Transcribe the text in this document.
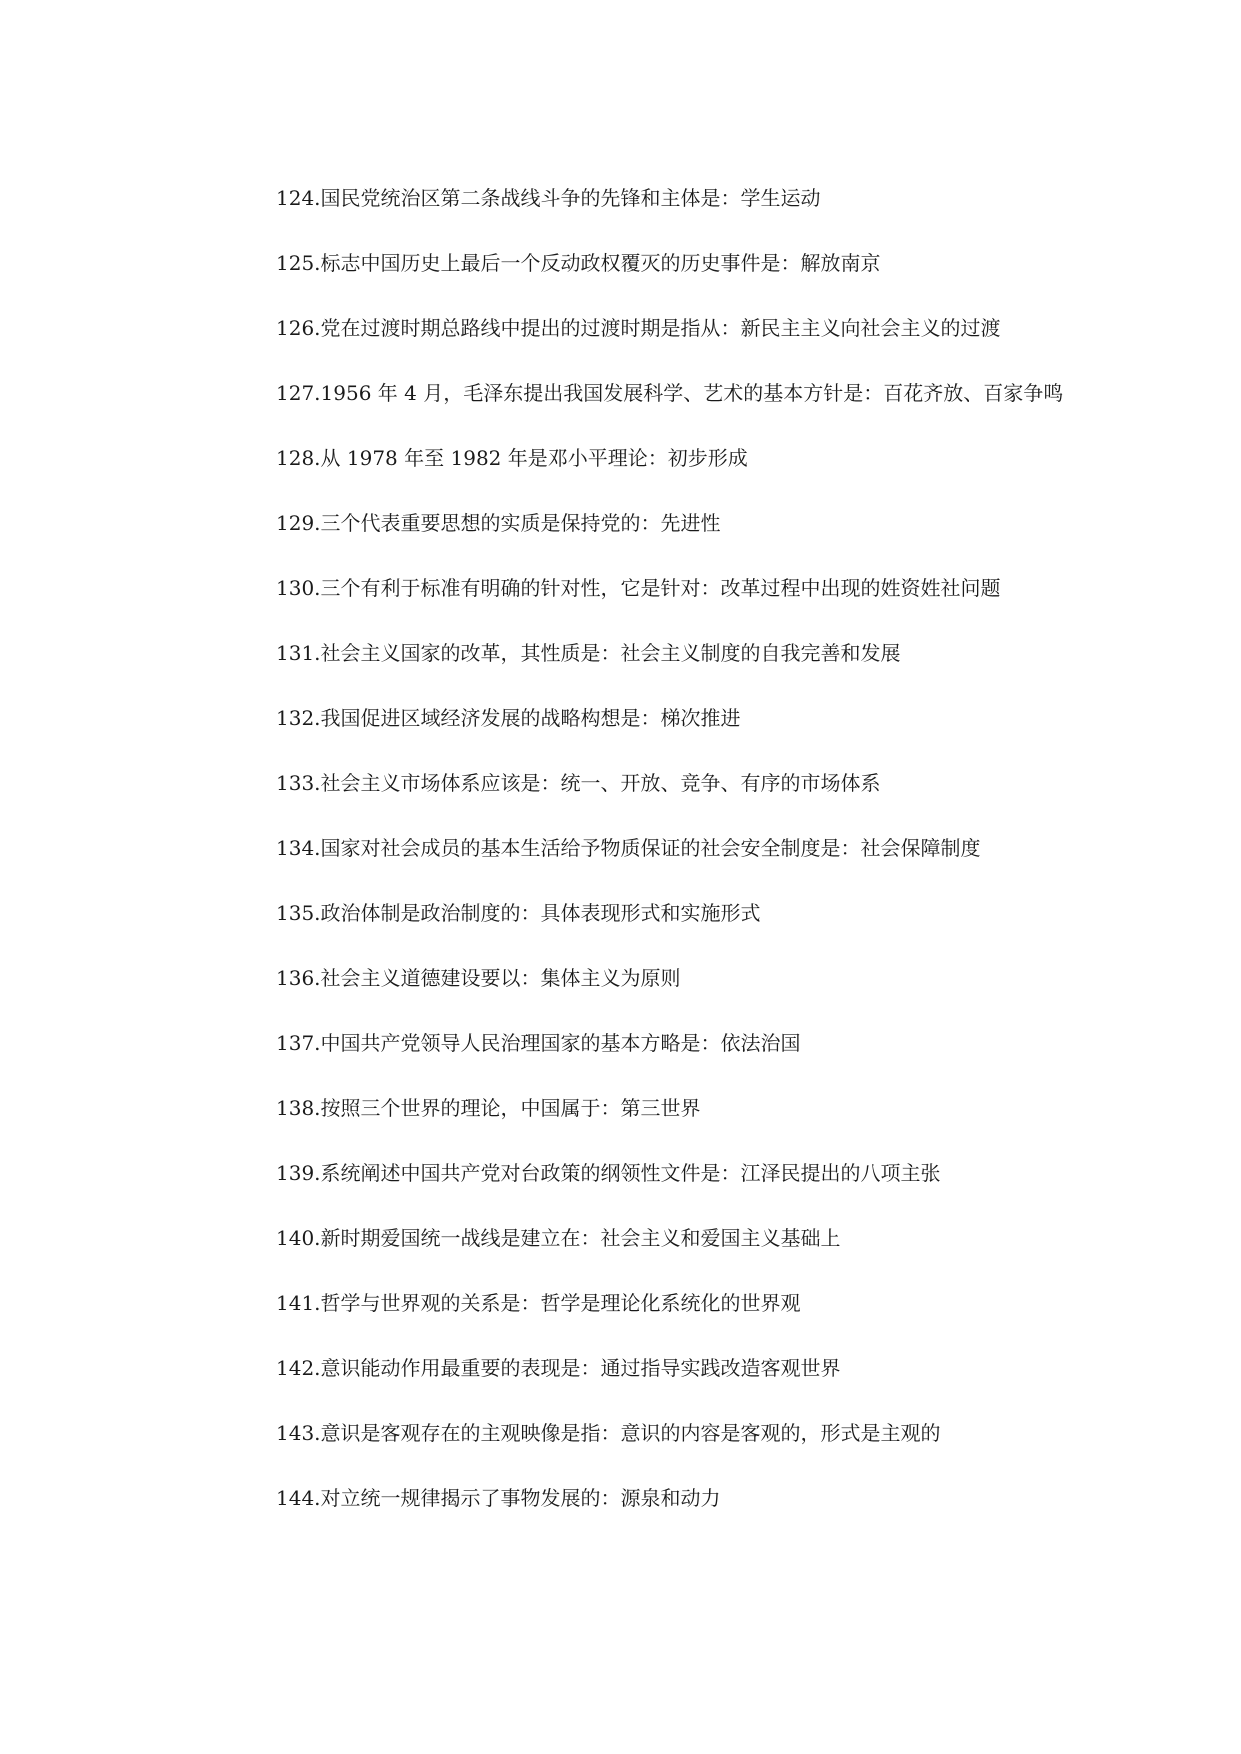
124.国民党统治区第二条战线斗争的先锋和主体是：学生运动
125.标志中国历史上最后一个反动政权覆灭的历史事件是：解放南京
126.党在过渡时期总路线中提出的过渡时期是指从：新民主主义向社会主义的过渡
127.1956 年 4 月，毛泽东提出我国发展科学、艺术的基本方针是：百花齐放、百家争鸣
128.从 1978 年至 1982 年是邓小平理论：初步形成
129.三个代表重要思想的实质是保持党的：先进性
130.三个有利于标准有明确的针对性，它是针对：改革过程中出现的姓资姓社问题
131.社会主义国家的改革，其性质是：社会主义制度的自我完善和发展
132.我国促进区域经济发展的战略构想是：梯次推进
133.社会主义市场体系应该是：统一、开放、竞争、有序的市场体系
134.国家对社会成员的基本生活给予物质保证的社会安全制度是：社会保障制度
135.政治体制是政治制度的：具体表现形式和实施形式
136.社会主义道德建设要以：集体主义为原则
137.中国共产党领导人民治理国家的基本方略是：依法治国
138.按照三个世界的理论，中国属于：第三世界
139.系统阐述中国共产党对台政策的纲领性文件是：江泽民提出的八项主张
140.新时期爱国统一战线是建立在：社会主义和爱国主义基础上
141.哲学与世界观的关系是：哲学是理论化系统化的世界观
142.意识能动作用最重要的表现是：通过指导实践改造客观世界
143.意识是客观存在的主观映像是指：意识的内容是客观的，形式是主观的
144.对立统一规律揭示了事物发展的：源泉和动力
